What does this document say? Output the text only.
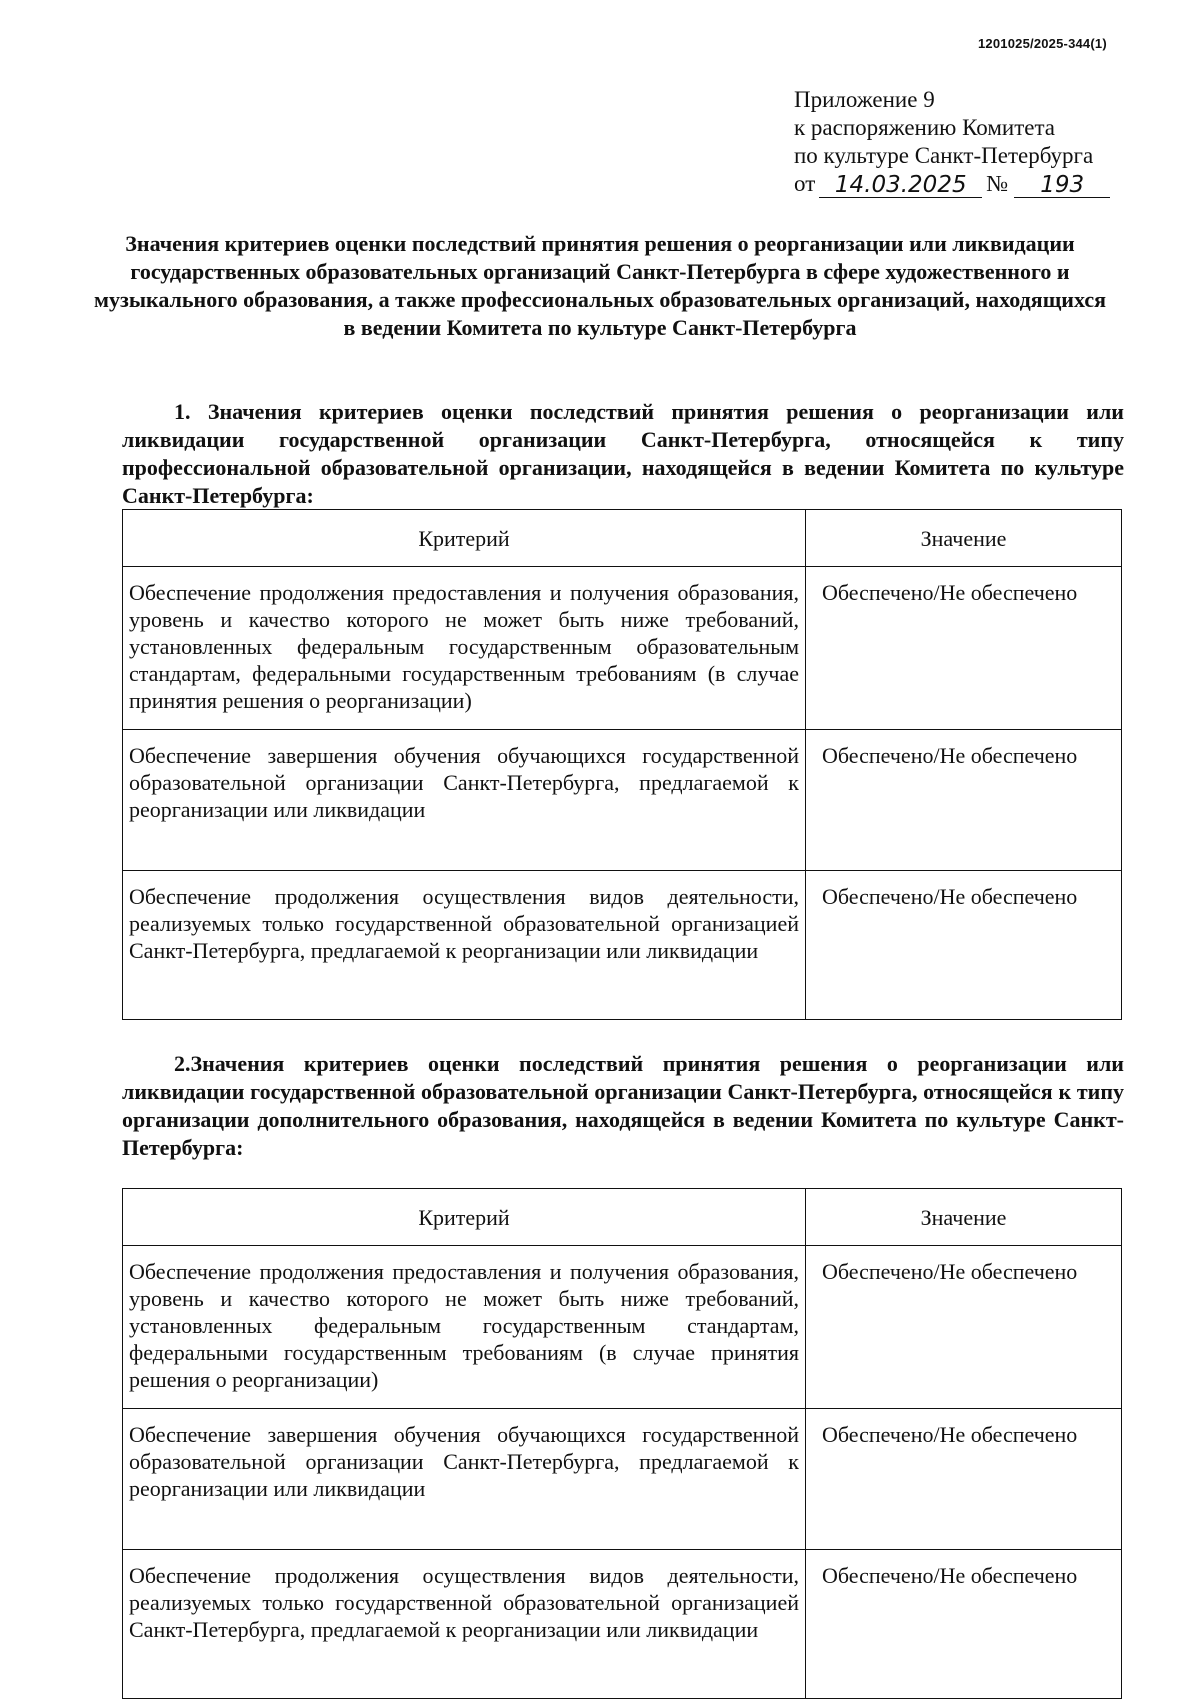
1201025/2025-344(1)
Приложение 9
к распоряжению Комитета
по культуре Санкт-Петербурга
от 14.03.2025 №	193
Значения критериев оценки последствий принятия решения о реорганизации или ликвидации государственных образовательных организаций Санкт-Петербурга в сфере художественного и музыкального образования, а также профессиональных образовательных организаций, находящихся в ведении Комитета по культуре Санкт-Петербурга
1. Значения критериев оценки последствий принятия решения о реорганизации или ликвидации государственной организации Санкт-Петербурга, относящейся к типу профессиональной образовательной организации, находящейся в ведении Комитета по культуре Санкт-Петербурга:
Критерий	Значение
Обеспечение продолжения предоставления и получения образования, уровень и качество которого не может быть ниже требований, установленных федеральным государственным образовательным стандартам, федеральными государственным требованиям (в случае принятия решения о реорганизации)	Обеспечено/Не обеспечено
Обеспечение завершения обучения обучающихся государственной образовательной организации Санкт-Петербурга, предлагаемой к реорганизации или ликвидации	Обеспечено/Не обеспечено
Обеспечение продолжения осуществления видов деятельности, реализуемых только государственной образовательной организацией Санкт-Петербурга, предлагаемой к реорганизации или ликвидации	Обеспечено/Не обеспечено
2.Значения критериев оценки последствий принятия решения о реорганизации или ликвидации государственной образовательной организации Санкт-Петербурга, относящейся к типу организации дополнительного образования, находящейся в ведении Комитета по культуре Санкт-Петербурга:
Критерий	Значение
Обеспечение продолжения предоставления и получения образования, уровень и качество которого не может быть ниже требований, установленных федеральным государственным стандартам, федеральными государственным требованиям (в случае принятия решения о реорганизации)	Обеспечено/Не обеспечено
Обеспечение завершения обучения обучающихся государственной образовательной организации Санкт-Петербурга, предлагаемой к реорганизации или ликвидации	Обеспечено/Не обеспечено
Обеспечение продолжения осуществления видов деятельности, реализуемых только государственной образовательной организацией Санкт-Петербурга, предлагаемой к реорганизации или ликвидации	Обеспечено/Не обеспечено
